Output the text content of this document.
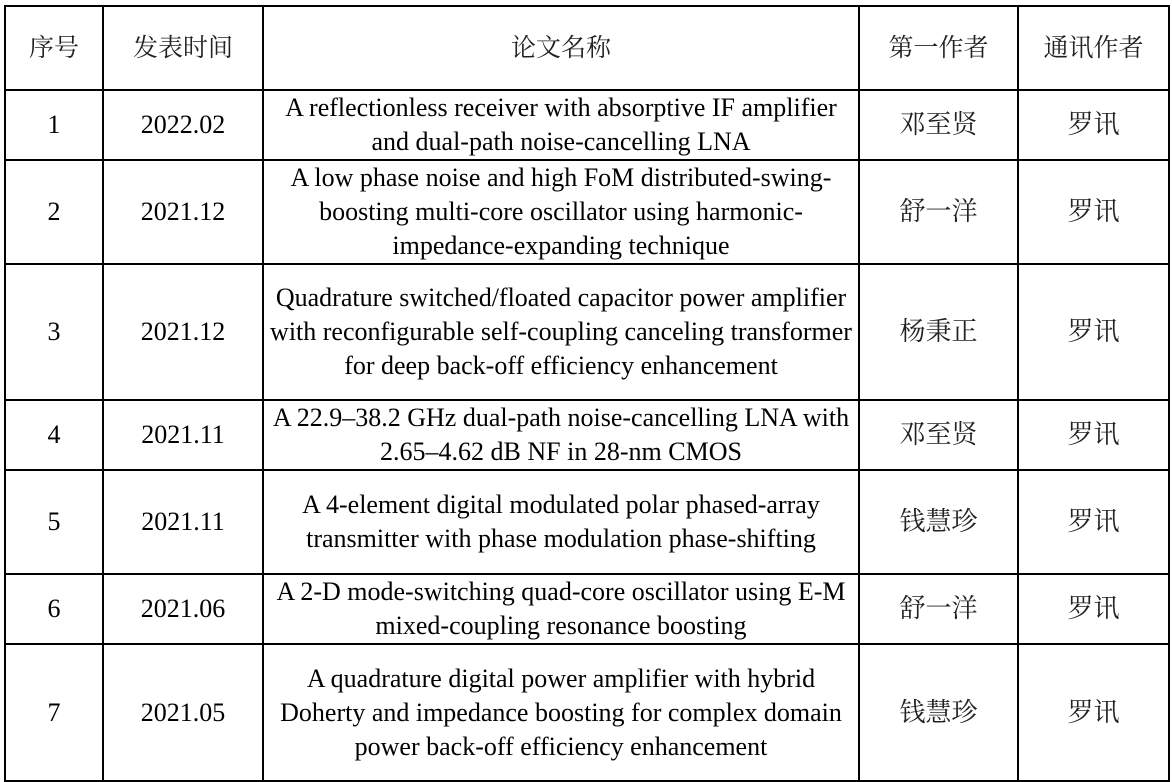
序号	发表时间	论文名称	第一作者	通讯作者
1	2022.02	A reflectionless receiver with absorptive IF amplifier and dual-path noise-cancelling LNA	邓至贤	罗讯
2	2021.12	A low phase noise and high FoM distributed-swing-boosting multi-core oscillator using harmonic-impedance-expanding technique	舒一洋	罗讯
3	2021.12	Quadrature switched/floated capacitor power amplifier with reconfigurable self-coupling canceling transformer for deep back-off efficiency enhancement	杨秉正	罗讯
4	2021.11	A 22.9–38.2 GHz dual-path noise-cancelling LNA with 2.65–4.62 dB NF in 28-nm CMOS	邓至贤	罗讯
5	2021.11	A 4-element digital modulated polar phased-array transmitter with phase modulation phase-shifting	钱慧珍	罗讯
6	2021.06	A 2-D mode-switching quad-core oscillator using E-M mixed-coupling resonance boosting	舒一洋	罗讯
7	2021.05	A quadrature digital power amplifier with hybrid Doherty and impedance boosting for complex domain power back-off efficiency enhancement	钱慧珍	罗讯
